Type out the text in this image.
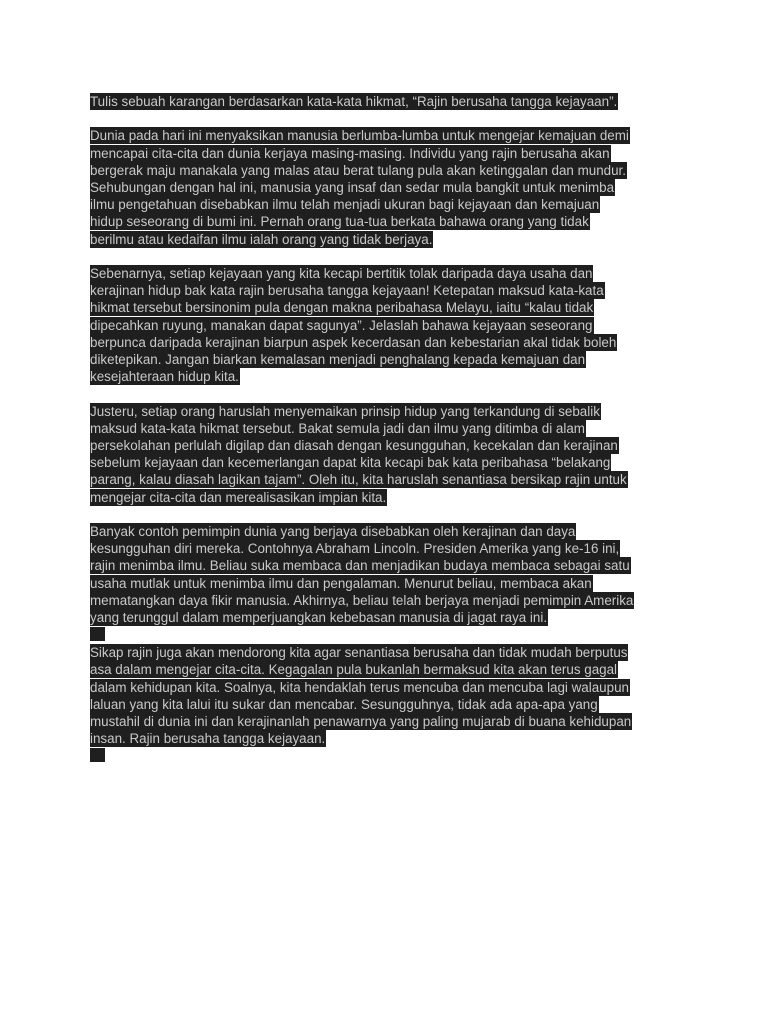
Tulis sebuah karangan berdasarkan kata-kata hikmat, “Rajin berusaha tangga kejayaan”.

Dunia pada hari ini menyaksikan manusia berlumba-lumba untuk mengejar kemajuan demi
mencapai cita-cita dan dunia kerjaya masing-masing. Individu yang rajin berusaha akan
bergerak maju manakala yang malas atau berat tulang pula akan ketinggalan dan mundur.
Sehubungan dengan hal ini, manusia yang insaf dan sedar mula bangkit untuk menimba
ilmu pengetahuan disebabkan ilmu telah menjadi ukuran bagi kejayaan dan kemajuan
hidup seseorang di bumi ini. Pernah orang tua-tua berkata bahawa orang yang tidak
berilmu atau kedaifan ilmu ialah orang yang tidak berjaya.

Sebenarnya, setiap kejayaan yang kita kecapi bertitik tolak daripada daya usaha dan
kerajinan hidup bak kata rajin berusaha tangga kejayaan! Ketepatan maksud kata-kata
hikmat tersebut bersinonim pula dengan makna peribahasa Melayu, iaitu “kalau tidak
dipecahkan ruyung, manakan dapat sagunya”. Jelaslah bahawa kejayaan seseorang
berpunca daripada kerajinan biarpun aspek kecerdasan dan kebestarian akal tidak boleh
diketepikan. Jangan biarkan kemalasan menjadi penghalang kepada kemajuan dan
kesejahteraan hidup kita.

Justeru, setiap orang haruslah menyemaikan prinsip hidup yang terkandung di sebalik
maksud kata-kata hikmat tersebut. Bakat semula jadi dan ilmu yang ditimba di alam
persekolahan perlulah digilap dan diasah dengan kesungguhan, kecekalan dan kerajinan
sebelum kejayaan dan kecemerlangan dapat kita kecapi bak kata peribahasa “belakang
parang, kalau diasah lagikan tajam”. Oleh itu, kita haruslah senantiasa bersikap rajin untuk
mengejar cita-cita dan merealisasikan impian kita.

Banyak contoh pemimpin dunia yang berjaya disebabkan oleh kerajinan dan daya
kesungguhan diri mereka. Contohnya Abraham Lincoln. Presiden Amerika yang ke-16 ini,
rajin menimba ilmu. Beliau suka membaca dan menjadikan budaya membaca sebagai satu
usaha mutlak untuk menimba ilmu dan pengalaman. Menurut beliau, membaca akan
mematangkan daya fikir manusia. Akhirnya, beliau telah berjaya menjadi pemimpin Amerika
yang terunggul dalam memperjuangkan kebebasan manusia di jagat raya ini.

Sikap rajin juga akan mendorong kita agar senantiasa berusaha dan tidak mudah berputus
asa dalam mengejar cita-cita. Kegagalan pula bukanlah bermaksud kita akan terus gagal
dalam kehidupan kita. Soalnya, kita hendaklah terus mencuba dan mencuba lagi walaupun
laluan yang kita lalui itu sukar dan mencabar. Sesungguhnya, tidak ada apa-apa yang
mustahil di dunia ini dan kerajinanlah penawarnya yang paling mujarab di buana kehidupan
insan. Rajin berusaha tangga kejayaan.
